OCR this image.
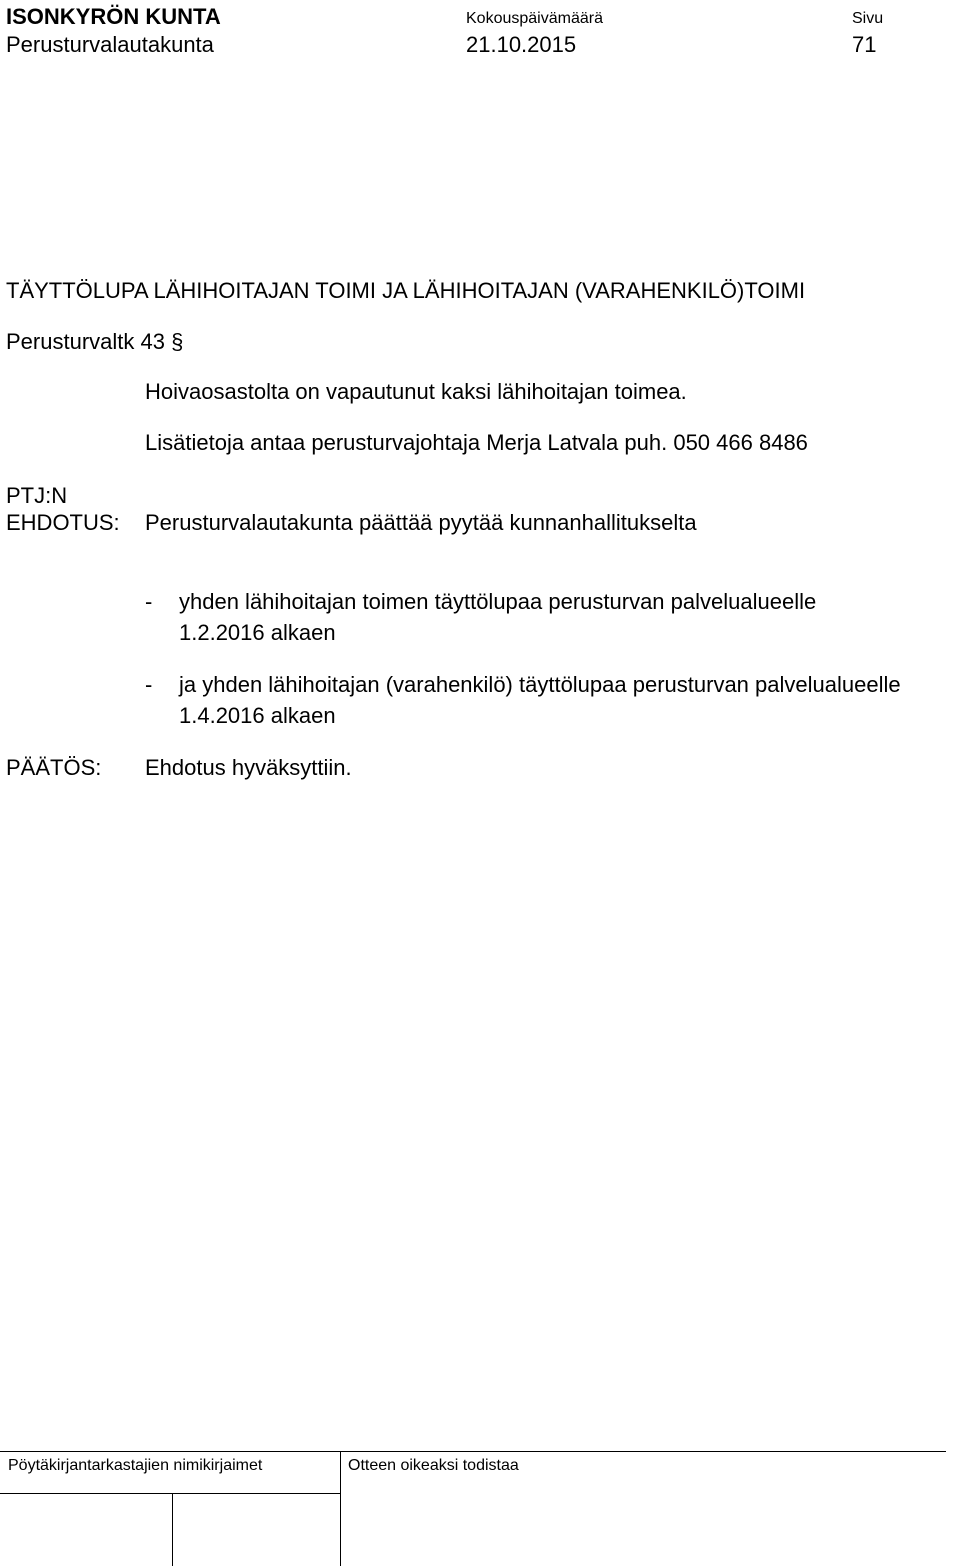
ISONKYRÖN KUNTA
Perusturvalautakunta
Kokouspäivämäärä
21.10.2015
Sivu
71
TÄYTTÖLUPA LÄHIHOITAJAN TOIMI JA LÄHIHOITAJAN (VARAHENKILÖ)TOIMI
Perusturvaltk 43 §
Hoivaosastolta on vapautunut kaksi lähihoitajan toimea.
Lisätietoja antaa perusturvajohtaja Merja Latvala puh. 050 466 8486
PTJ:N
EHDOTUS: Perusturvalautakunta päättää pyytää kunnanhallitukselta
- yhden lähihoitajan toimen täyttölupaa perusturvan palvelualueelle
1.2.2016 alkaen
- ja yhden lähihoitajan (varahenkilö) täyttölupaa perusturvan palvelualueelle
1.4.2016 alkaen
PÄÄTÖS: Ehdotus hyväksyttiin.
Pöytäkirjantarkastajien nimikirjaimet	Otteen oikeaksi todistaa
